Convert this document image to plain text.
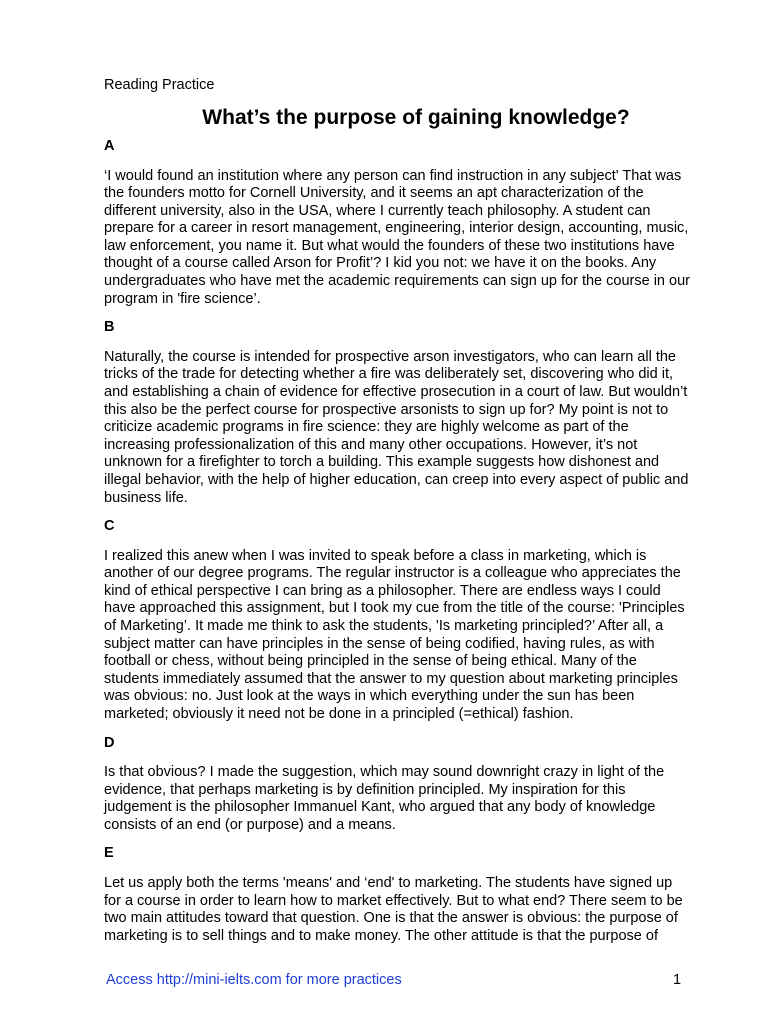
Reading Practice
What’s the purpose of gaining knowledge?
A

‘I would found an institution where any person can find instruction in any subject' That was
the founders motto for Cornell University, and it seems an apt characterization of the
different university, also in the USA, where I currently teach philosophy. A student can
prepare for a career in resort management, engineering, interior design, accounting, music,
law enforcement, you name it. But what would the founders of these two institutions have
thought of a course called Arson for Profit’? I kid you not: we have it on the books. Any
undergraduates who have met the academic requirements can sign up for the course in our
program in 'fire science’.

B

Naturally, the course is intended for prospective arson investigators, who can learn all the
tricks of the trade for detecting whether a fire was deliberately set, discovering who did it,
and establishing a chain of evidence for effective prosecution in a court of law. But wouldn’t
this also be the perfect course for prospective arsonists to sign up for? My point is not to
criticize academic programs in fire science: they are highly welcome as part of the
increasing professionalization of this and many other occupations. However, it’s not
unknown for a firefighter to torch a building. This example suggests how dishonest and
illegal behavior, with the help of higher education, can creep into every aspect of public and
business life.

C

I realized this anew when I was invited to speak before a class in marketing, which is
another of our degree programs. The regular instructor is a colleague who appreciates the
kind of ethical perspective I can bring as a philosopher. There are endless ways I could
have approached this assignment, but I took my cue from the title of the course: 'Principles
of Marketing’. It made me think to ask the students, 'Is marketing principled?’ After all, a
subject matter can have principles in the sense of being codified, having rules, as with
football or chess, without being principled in the sense of being ethical. Many of the
students immediately assumed that the answer to my question about marketing principles
was obvious: no. Just look at the ways in which everything under the sun has been
marketed; obviously it need not be done in a principled (=ethical) fashion.

D

Is that obvious? I made the suggestion, which may sound downright crazy in light of the
evidence, that perhaps marketing is by definition principled. My inspiration for this
judgement is the philosopher Immanuel Kant, who argued that any body of knowledge
consists of an end (or purpose) and a means.

E

Let us apply both the terms 'means' and ‘end' to marketing. The students have signed up
for a course in order to learn how to market effectively. But to what end? There seem to be
two main attitudes toward that question. One is that the answer is obvious: the purpose of
marketing is to sell things and to make money. The other attitude is that the purpose of

Access http://mini-ielts.com for more practices	1
